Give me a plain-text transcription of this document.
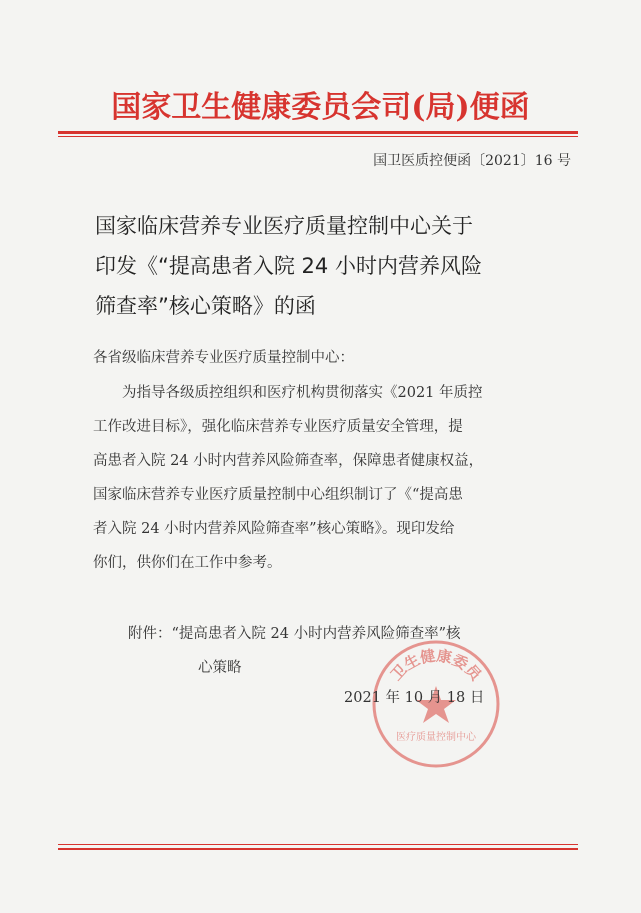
国家卫生健康委员会司(局)便函
国卫医质控便函〔2021〕16 号
国家临床营养专业医疗质量控制中心关于
印发《“提高患者入院 24 小时内营养风险
筛查率”核心策略》的函
各省级临床营养专业医疗质量控制中心：
　　为指导各级质控组织和医疗机构贯彻落实《2021 年质控
工作改进目标》，强化临床营养专业医疗质量安全管理，提
高患者入院 24 小时内营养风险筛查率，保障患者健康权益，
国家临床营养专业医疗质量控制中心组织制订了《“提高患
者入院 24 小时内营养风险筛查率”核心策略》。现印发给
你们，供你们在工作中参考。
附件：“提高患者入院 24 小时内营养风险筛查率”核
心策略	卫生健康委员
医疗质量控制中心
2021 年 10 月 18 日
